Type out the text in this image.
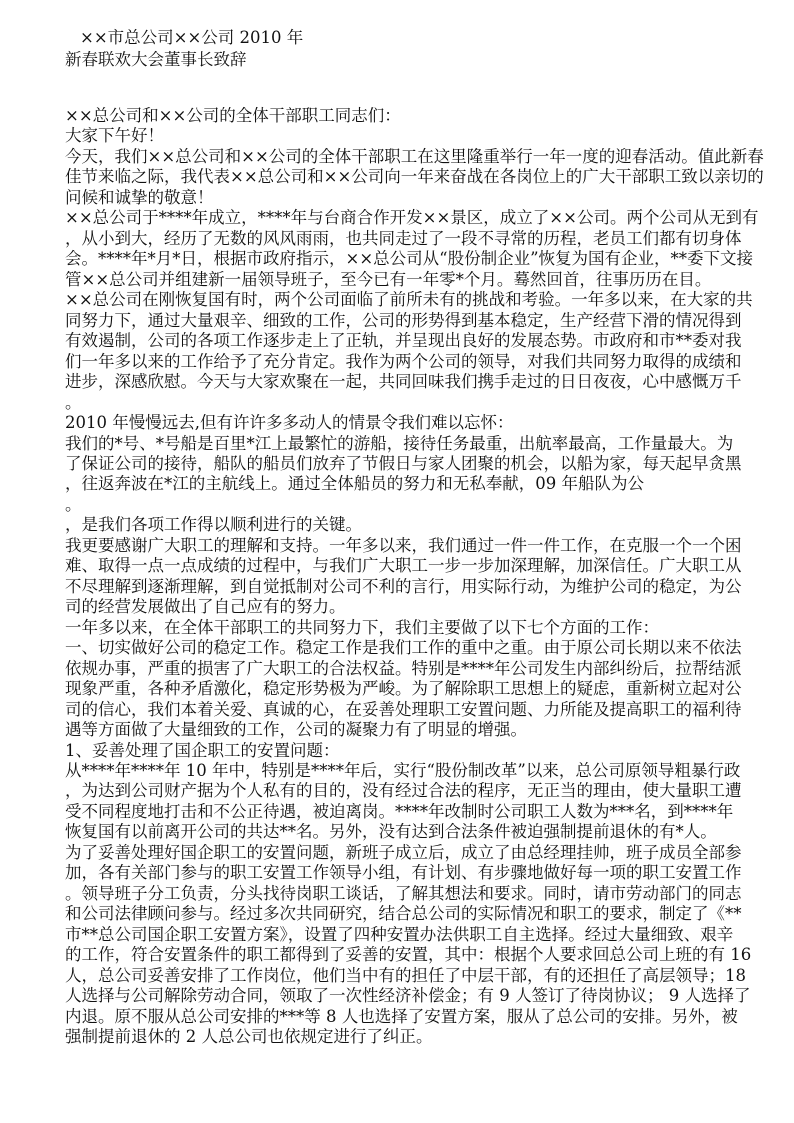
××市总公司××公司 2010 年
新春联欢大会董事长致辞
××总公司和××公司的全体干部职工同志们：
大家下午好！
今天，我们××总公司和××公司的全体干部职工在这里隆重举行一年一度的迎春活动。值此新春
佳节来临之际，我代表××总公司和××公司向一年来奋战在各岗位上的广大干部职工致以亲切的
问候和诚挚的敬意！
××总公司于****年成立，****年与台商合作开发××景区，成立了××公司。两个公司从无到有
，从小到大，经历了无数的风风雨雨，也共同走过了一段不寻常的历程，老员工们都有切身体
会。****年*月*日，根据市政府指示，××总公司从“股份制企业”恢复为国有企业，**委下文接
管××总公司并组建新一届领导班子，至今已有一年零*个月。蓦然回首，往事历历在目。
××总公司在刚恢复国有时，两个公司面临了前所未有的挑战和考验。一年多以来，在大家的共
同努力下，通过大量艰辛、细致的工作，公司的形势得到基本稳定，生产经营下滑的情况得到
有效遏制，公司的各项工作逐步走上了正轨，并呈现出良好的发展态势。市政府和市**委对我
们一年多以来的工作给予了充分肯定。我作为两个公司的领导，对我们共同努力取得的成绩和
进步，深感欣慰。今天与大家欢聚在一起，共同回味我们携手走过的日日夜夜，心中感慨万千
。
2010 年慢慢远去,但有许许多多动人的情景令我们难以忘怀：
我们的*号、*号船是百里*江上最繁忙的游船，接待任务最重，出航率最高，工作量最大。为
了保证公司的接待，船队的船员们放弃了节假日与家人团聚的机会，以船为家，每天起早贪黑
，往返奔波在*江的主航线上。通过全体船员的努力和无私奉献，09 年船队为公
。
，是我们各项工作得以顺利进行的关键。
我更要感谢广大职工的理解和支持。一年多以来，我们通过一件一件工作，在克服一个一个困
难、取得一点一点成绩的过程中，与我们广大职工一步一步加深理解，加深信任。广大职工从
不尽理解到逐渐理解，到自觉抵制对公司不利的言行，用实际行动，为维护公司的稳定，为公
司的经营发展做出了自己应有的努力。
一年多以来，在全体干部职工的共同努力下，我们主要做了以下七个方面的工作：
一、切实做好公司的稳定工作。稳定工作是我们工作的重中之重。由于原公司长期以来不依法
依规办事，严重的损害了广大职工的合法权益。特别是****年公司发生内部纠纷后，拉帮结派
现象严重，各种矛盾激化，稳定形势极为严峻。为了解除职工思想上的疑虑，重新树立起对公
司的信心，我们本着关爱、真诚的心，在妥善处理职工安置问题、力所能及提高职工的福利待
遇等方面做了大量细致的工作，公司的凝聚力有了明显的增强。
1、妥善处理了国企职工的安置问题：
从****年****年 10 年中，特别是****年后，实行“股份制改革”以来，总公司原领导粗暴行政
，为达到公司财产据为个人私有的目的，没有经过合法的程序，无正当的理由，使大量职工遭
受不同程度地打击和不公正待遇，被迫离岗。****年改制时公司职工人数为***名，到****年
恢复国有以前离开公司的共达**名。另外，没有达到合法条件被迫强制提前退休的有*人。
为了妥善处理好国企职工的安置问题，新班子成立后，成立了由总经理挂帅，班子成员全部参
加，各有关部门参与的职工安置工作领导小组，有计划、有步骤地做好每一项的职工安置工作
。领导班子分工负责，分头找待岗职工谈话，了解其想法和要求。同时，请市劳动部门的同志
和公司法律顾问参与。经过多次共同研究，结合总公司的实际情况和职工的要求，制定了《**
市**总公司国企职工安置方案》，设置了四种安置办法供职工自主选择。经过大量细致、艰辛
的工作，符合安置条件的职工都得到了妥善的安置，其中：根据个人要求回总公司上班的有 16
人，总公司妥善安排了工作岗位，他们当中有的担任了中层干部，有的还担任了高层领导；18
人选择与公司解除劳动合同，领取了一次性经济补偿金；有 9 人签订了待岗协议； 9 人选择了
内退。原不服从总公司安排的***等 8 人也选择了安置方案，服从了总公司的安排。另外，被
强制提前退休的 2 人总公司也依规定进行了纠正。
